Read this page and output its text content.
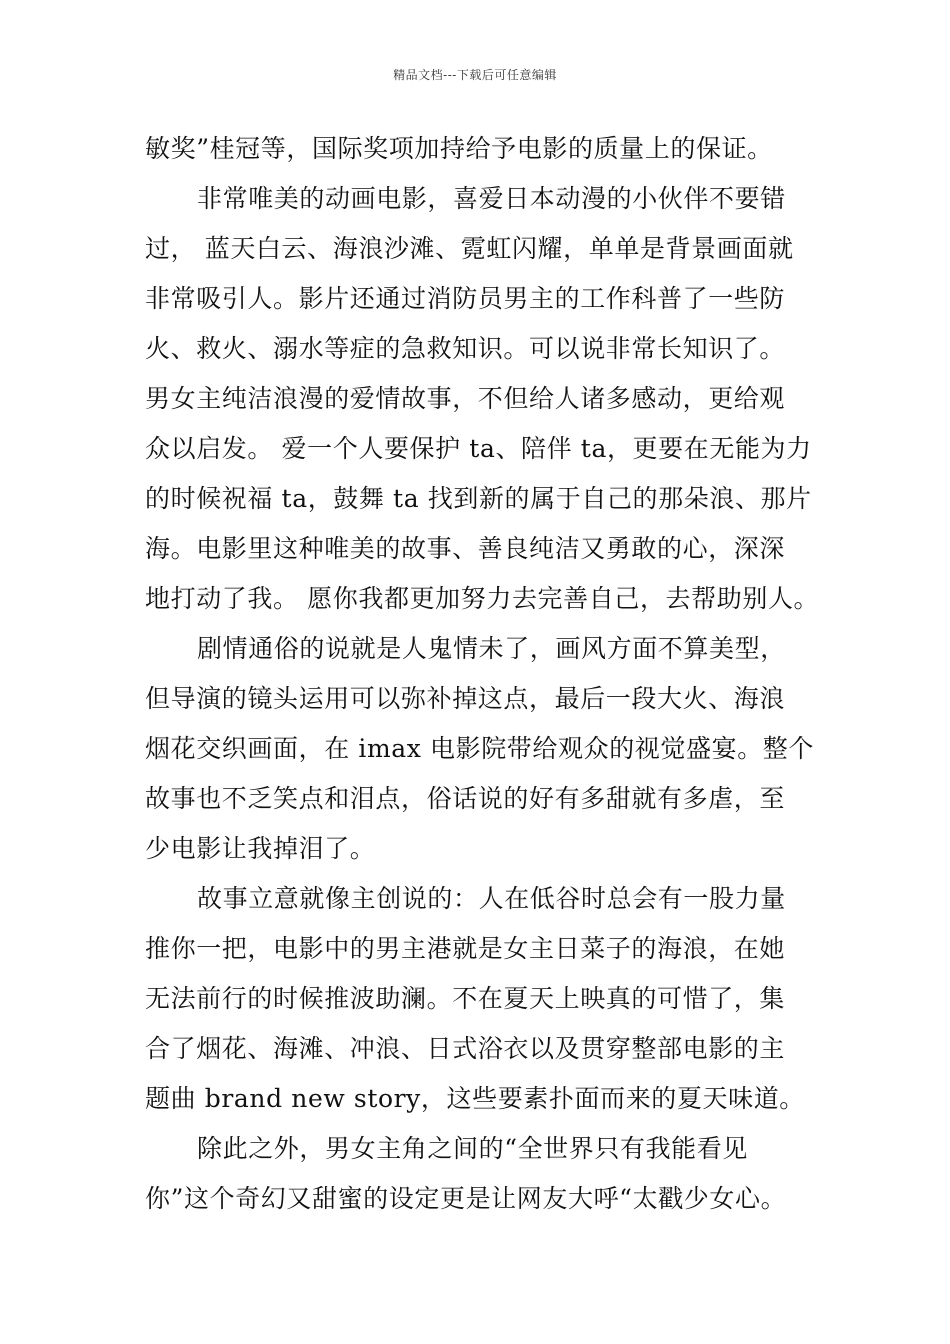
精品文档---下载后可任意编辑
敏奖”桂冠等，国际奖项加持给予电影的质量上的保证。
非常唯美的动画电影，喜爱日本动漫的小伙伴不要错
过， 蓝天白云、海浪沙滩、霓虹闪耀，单单是背景画面就
非常吸引人。影片还通过消防员男主的工作科普了一些防
火、救火、溺水等症的急救知识。可以说非常长知识了。
男女主纯洁浪漫的爱情故事，不但给人诸多感动，更给观
众以启发。 爱一个人要保护 ta、陪伴 ta，更要在无能为力
的时候祝福 ta，鼓舞 ta 找到新的属于自己的那朵浪、那片
海。电影里这种唯美的故事、善良纯洁又勇敢的心，深深
地打动了我。 愿你我都更加努力去完善自己，去帮助别人。
剧情通俗的说就是人鬼情未了，画风方面不算美型，
但导演的镜头运用可以弥补掉这点，最后一段大火、海浪
烟花交织画面，在 imax 电影院带给观众的视觉盛宴。整个
故事也不乏笑点和泪点，俗话说的好有多甜就有多虐，至
少电影让我掉泪了。
故事立意就像主创说的：人在低谷时总会有一股力量
推你一把，电影中的男主港就是女主日菜子的海浪，在她
无法前行的时候推波助澜。不在夏天上映真的可惜了，集
合了烟花、海滩、冲浪、日式浴衣以及贯穿整部电影的主
题曲 brand new story，这些要素扑面而来的夏天味道。
除此之外，男女主角之间的“全世界只有我能看见
你”这个奇幻又甜蜜的设定更是让网友大呼“太戳少女心。
